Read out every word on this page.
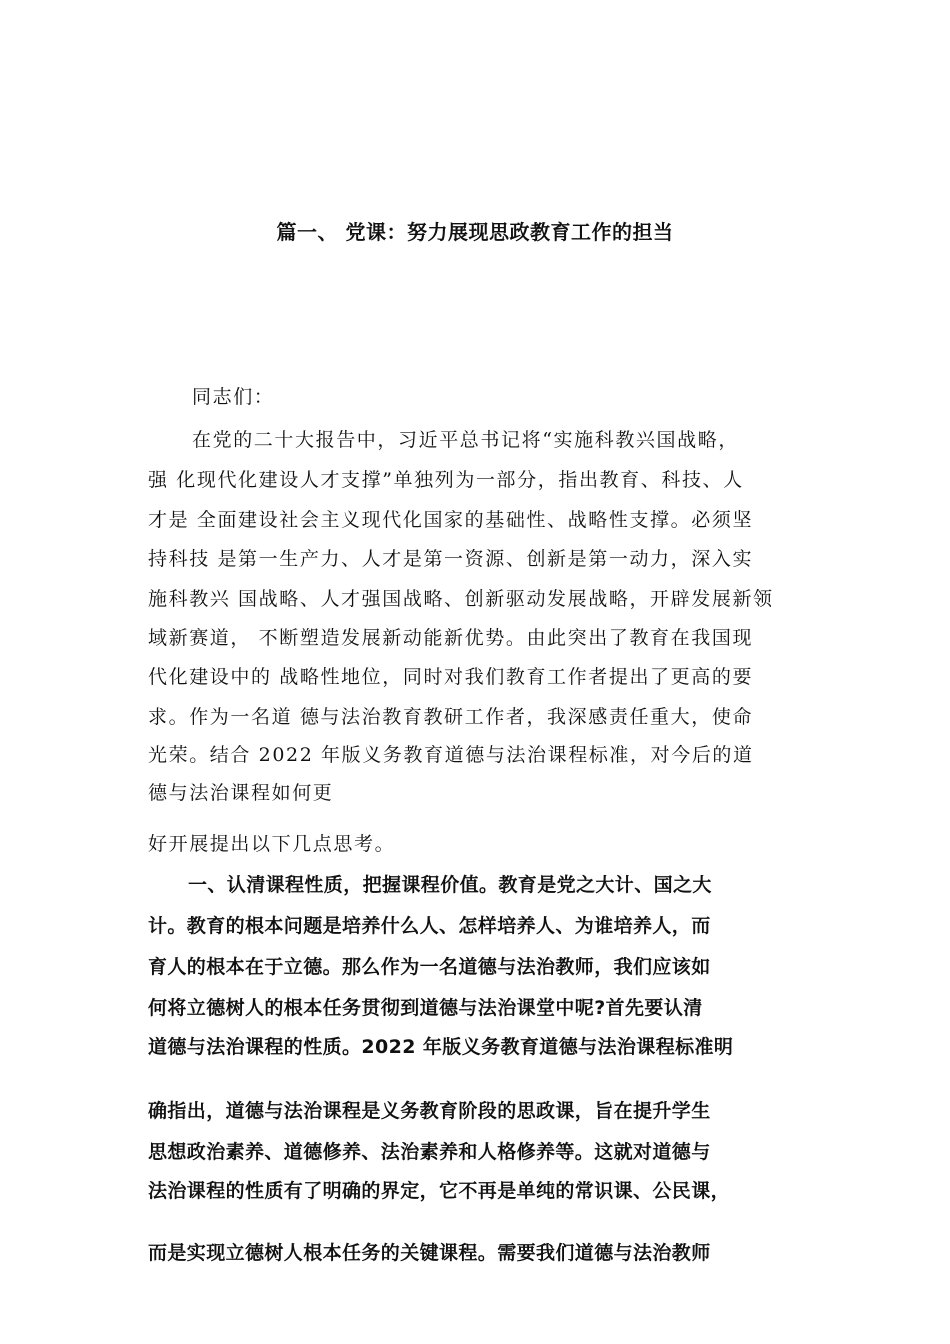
篇一、 党课：努力展现思政教育工作的担当
同志们：
在党的二十大报告中，习近平总书记将“实施科教兴国战略，
强 化现代化建设人才支撑”单独列为一部分，指出教育、科技、人
才是 全面建设社会主义现代化国家的基础性、战略性支撑。必须坚
持科技 是第一生产力、人才是第一资源、创新是第一动力，深入实
施科教兴 国战略、人才强国战略、创新驱动发展战略，开辟发展新领
域新赛道， 不断塑造发展新动能新优势。由此突出了教育在我国现
代化建设中的 战略性地位，同时对我们教育工作者提出了更高的要
求。作为一名道 德与法治教育教研工作者，我深感责任重大，使命
光荣。结合 2022 年版义务教育道德与法治课程标准，对今后的道
德与法治课程如何更
好开展提出以下几点思考。
一、认清课程性质，把握课程价值。教育是党之大计、国之大
计。教育的根本问题是培养什么人、怎样培养人、为谁培养人，而
育人的根本在于立德。那么作为一名道德与法治教师，我们应该如
何将立德树人的根本任务贯彻到道德与法治课堂中呢?首先要认清
道德与法治课程的性质。2022 年版义务教育道德与法治课程标准明
确指出，道德与法治课程是义务教育阶段的思政课，旨在提升学生
思想政治素养、道德修养、法治素养和人格修养等。这就对道德与
法治课程的性质有了明确的界定，它不再是单纯的常识课、公民课，
而是实现立德树人根本任务的关键课程。需要我们道德与法治教师
